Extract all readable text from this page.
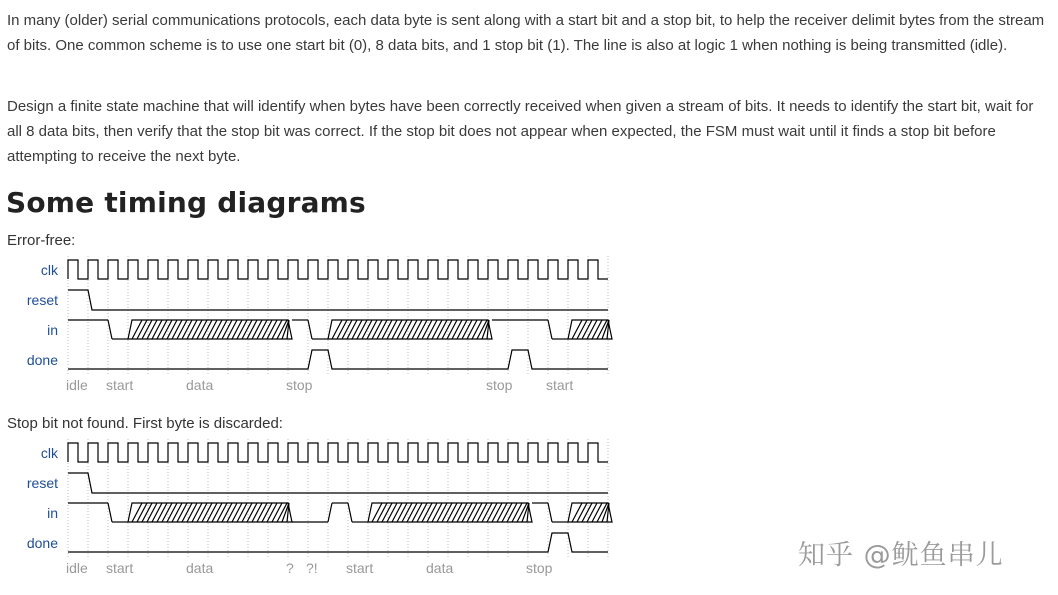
In many (older) serial communications protocols, each data byte is sent along with a start bit and a stop bit, to help the receiver delimit bytes from the stream of bits. One common scheme is to use one start bit (0), 8 data bits, and 1 stop bit (1). The line is also at logic 1 when nothing is being transmitted (idle).

Design a finite state machine that will identify when bytes have been correctly received when given a stream of bits. It needs to identify the start bit, wait for all 8 data bits, then verify that the stop bit was correct. If the stop bit does not appear when expected, the FSM must wait until it finds a stop bit before attempting to receive the next byte.

Some timing diagrams
Error-free:
clk
reset
in
done
idle start	data	stop	stop start
Stop bit not found. First byte is discarded:
clk
reset
in
done
idle start	data	? ?! start	data	stop	知乎 @鱿鱼串儿
